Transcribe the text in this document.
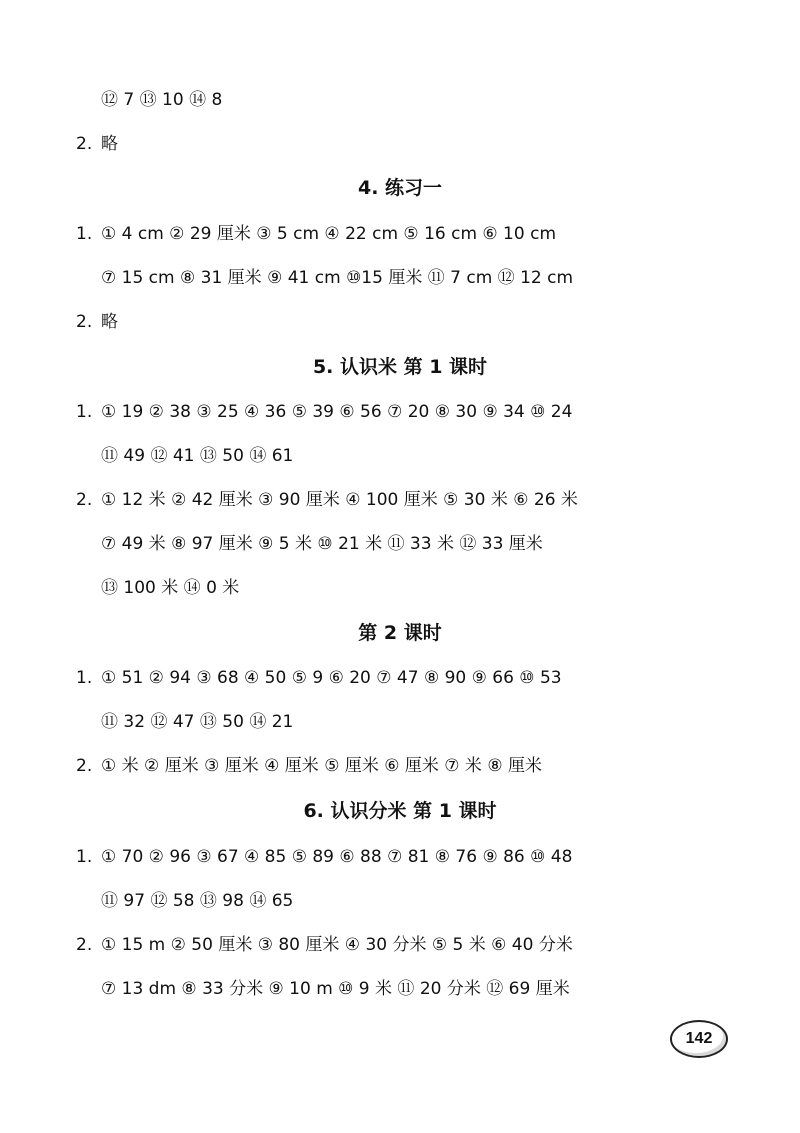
⑫ 7 ⑬ 10 ⑭ 8
2. 略
4. 练习一
1. ① 4 cm ② 29 厘米 ③ 5 cm ④ 22 cm ⑤ 16 cm ⑥ 10 cm
⑦ 15 cm ⑧ 31 厘米 ⑨ 41 cm ⑩15 厘米 ⑪ 7 cm ⑫ 12 cm
2. 略
5. 认识米 第 1 课时
1. ① 19 ② 38 ③ 25 ④ 36 ⑤ 39 ⑥ 56 ⑦ 20 ⑧ 30 ⑨ 34 ⑩ 24
⑪ 49 ⑫ 41 ⑬ 50 ⑭ 61
2. ① 12 米 ② 42 厘米 ③ 90 厘米 ④ 100 厘米 ⑤ 30 米 ⑥ 26 米
⑦ 49 米 ⑧ 97 厘米 ⑨ 5 米 ⑩ 21 米 ⑪ 33 米 ⑫ 33 厘米
⑬ 100 米 ⑭ 0 米
第 2 课时
1. ① 51 ② 94 ③ 68 ④ 50 ⑤ 9 ⑥ 20 ⑦ 47 ⑧ 90 ⑨ 66 ⑩ 53
⑪ 32 ⑫ 47 ⑬ 50 ⑭ 21
2. ① 米 ② 厘米 ③ 厘米 ④ 厘米 ⑤ 厘米 ⑥ 厘米 ⑦ 米 ⑧ 厘米
6. 认识分米 第 1 课时
1. ① 70 ② 96 ③ 67 ④ 85 ⑤ 89 ⑥ 88 ⑦ 81 ⑧ 76 ⑨ 86 ⑩ 48
⑪ 97 ⑫ 58 ⑬ 98 ⑭ 65
2. ① 15 m ② 50 厘米 ③ 80 厘米 ④ 30 分米 ⑤ 5 米 ⑥ 40 分米
⑦ 13 dm ⑧ 33 分米 ⑨ 10 m ⑩ 9 米 ⑪ 20 分米 ⑫ 69 厘米
142
